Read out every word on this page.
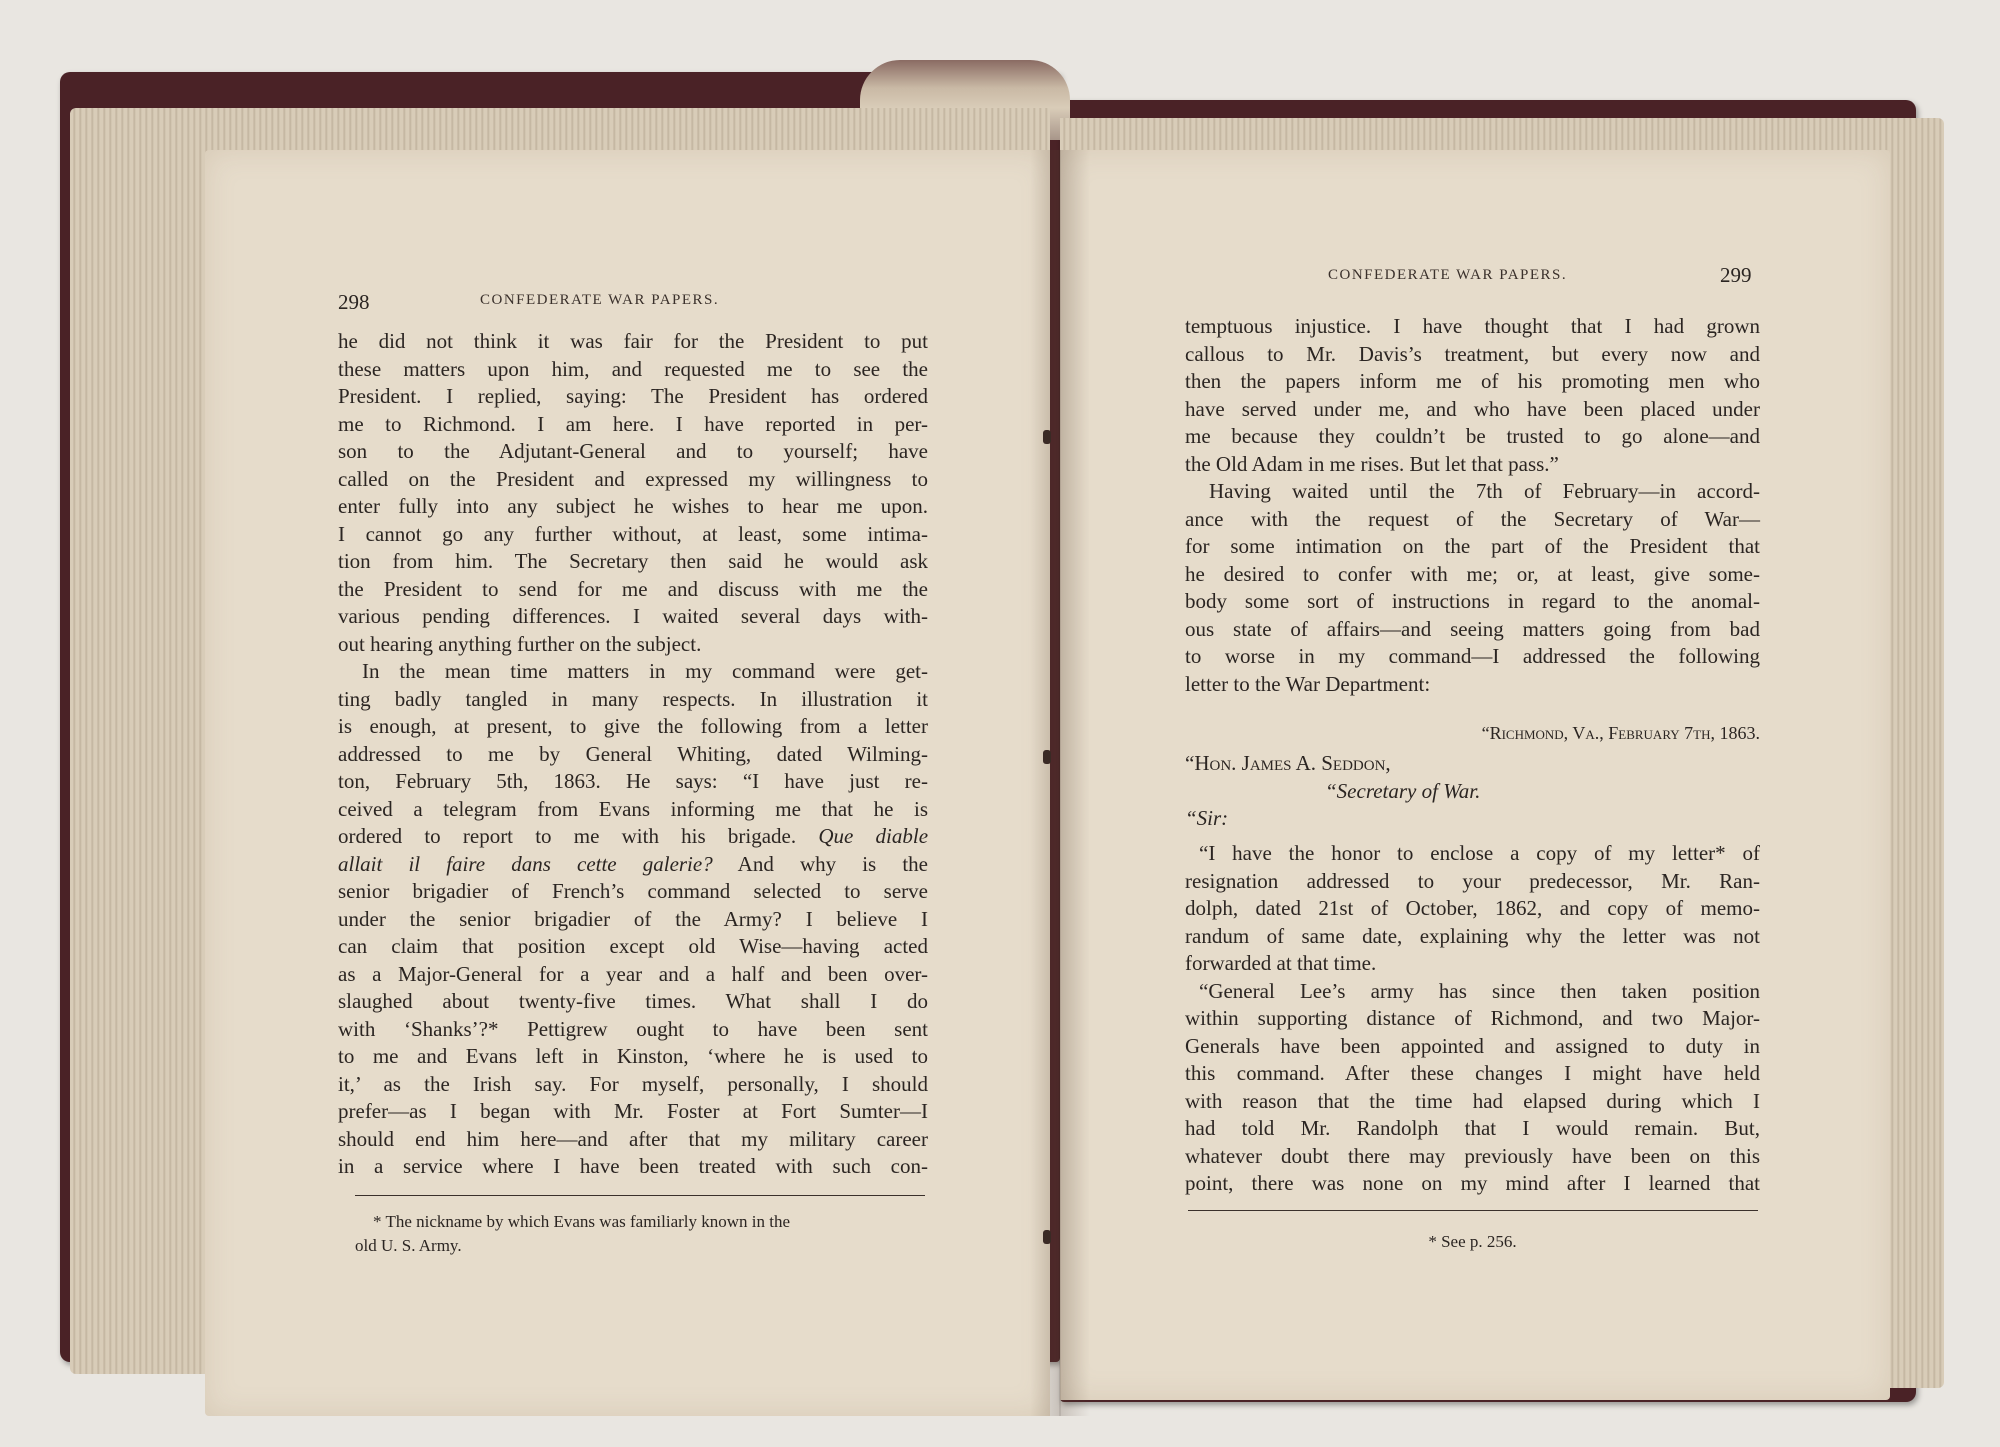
298	CONFEDERATE WAR PAPERS.
he did not think it was fair for the President to put
these matters upon him, and requested me to see the
President. I replied, saying: The President has ordered
me to Richmond. I am here. I have reported in per-
son to the Adjutant-General and to yourself; have
called on the President and expressed my willingness to
enter fully into any subject he wishes to hear me upon.
I cannot go any further without, at least, some intima-
tion from him. The Secretary then said he would ask
the President to send for me and discuss with me the
various pending differences. I waited several days with-
out hearing anything further on the subject.
In the mean time matters in my command were get-
ting badly tangled in many respects. In illustration it
is enough, at present, to give the following from a letter
addressed to me by General Whiting, dated Wilming-
ton, February 5th, 1863. He says: “I have just re-
ceived a telegram from Evans informing me that he is
ordered to report to me with his brigade. Que diable
allait il faire dans cette galerie? And why is the
senior brigadier of French’s command selected to serve
under the senior brigadier of the Army? I believe I
can claim that position except old Wise—having acted
as a Major-General for a year and a half and been over-
slaughed about twenty-five times. What shall I do
with ‘Shanks’?* Pettigrew ought to have been sent
to me and Evans left in Kinston, ‘where he is used to
it,’ as the Irish say. For myself, personally, I should
prefer—as I began with Mr. Foster at Fort Sumter—I
should end him here—and after that my military career
in a service where I have been treated with such con-
* The nickname by which Evans was familiarly known in the
old U. S. Army.
CONFEDERATE WAR PAPERS.	299
temptuous injustice. I have thought that I had grown
callous to Mr. Davis’s treatment, but every now and
then the papers inform me of his promoting men who
have served under me, and who have been placed under
me because they couldn’t be trusted to go alone—and
the Old Adam in me rises. But let that pass.”
Having waited until the 7th of February—in accord-
ance with the request of the Secretary of War—
for some intimation on the part of the President that
he desired to confer with me; or, at least, give some-
body some sort of instructions in regard to the anomal-
ous state of affairs—and seeing matters going from bad
to worse in my command—I addressed the following
letter to the War Department:
“Richmond, Va., February 7th, 1863.
“Hon. James A. Seddon,
“Secretary of War.
“Sir:
“I have the honor to enclose a copy of my letter* of
resignation addressed to your predecessor, Mr. Ran-
dolph, dated 21st of October, 1862, and copy of memo-
randum of same date, explaining why the letter was not
forwarded at that time.
“General Lee’s army has since then taken position
within supporting distance of Richmond, and two Major-
Generals have been appointed and assigned to duty in
this command. After these changes I might have held
with reason that the time had elapsed during which I
had told Mr. Randolph that I would remain. But,
whatever doubt there may previously have been on this
point, there was none on my mind after I learned that
* See p. 256.
